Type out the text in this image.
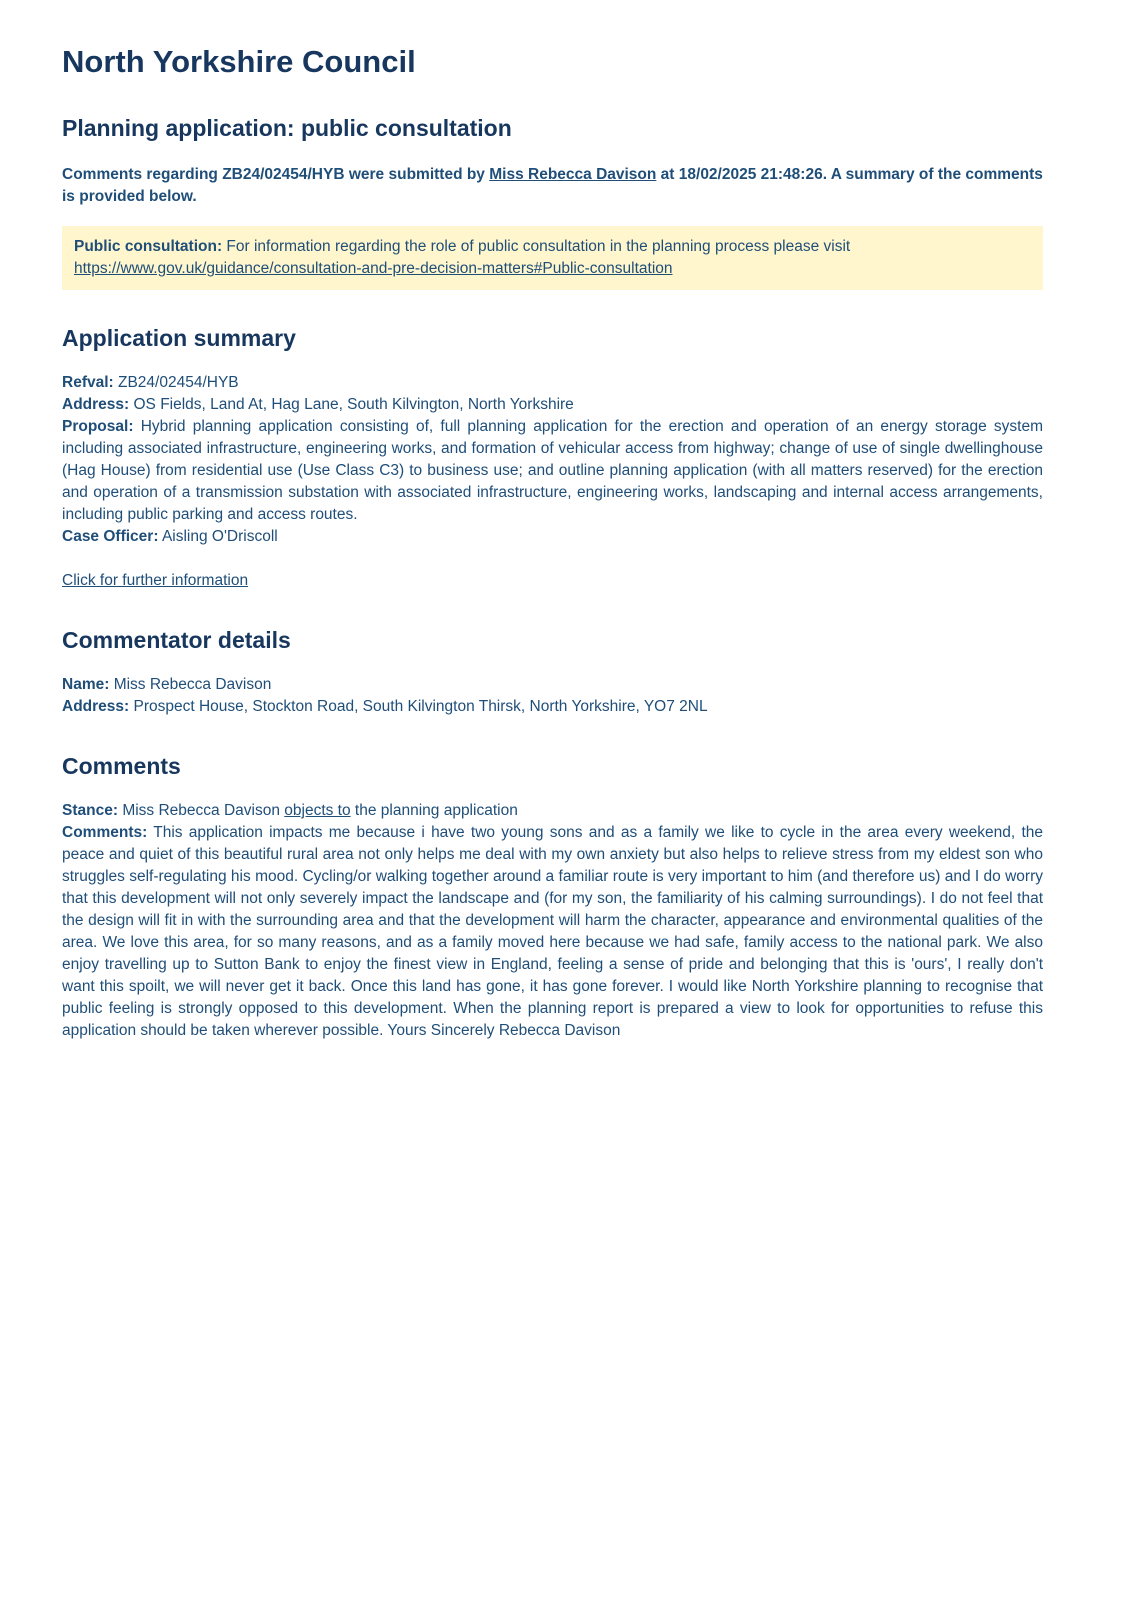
North Yorkshire Council
Planning application: public consultation

Comments regarding ZB24/02454/HYB were submitted by Miss Rebecca Davison at 18/02/2025 21:48:26. A summary of the comments is provided below.

Public consultation: For information regarding the role of public consultation in the planning process please visit https://www.gov.uk/guidance/consultation-and-pre-decision-matters#Public-consultation
Application summary
Refval: ZB24/02454/HYB
Address: OS Fields, Land At, Hag Lane, South Kilvington, North Yorkshire
Proposal: Hybrid planning application consisting of, full planning application for the erection and operation of an energy storage system including associated infrastructure, engineering works, and formation of vehicular access from highway; change of use of single dwellinghouse (Hag House) from residential use (Use Class C3) to business use; and outline planning application (with all matters reserved) for the erection and operation of a transmission substation with associated infrastructure, engineering works, landscaping and internal access arrangements, including public parking and access routes.
Case Officer: Aisling O'Driscoll

Click for further information

Commentator details
Name: Miss Rebecca Davison
Address: Prospect House, Stockton Road, South Kilvington Thirsk, North Yorkshire, YO7 2NL
Comments

Stance: Miss Rebecca Davison objects to the planning application

Comments: This application impacts me because i have two young sons and as a family we like to cycle in the area every weekend, the peace and quiet of this beautiful rural area not only helps me deal with my own anxiety but also helps to relieve stress from my eldest son who struggles self-regulating his mood. Cycling/or walking together around a familiar route is very important to him (and therefore us) and I do worry that this development will not only severely impact the landscape and (for my son, the familiarity of his calming surroundings). I do not feel that the design will fit in with the surrounding area and that the development will harm the character, appearance and environmental qualities of the area. We love this area, for so many reasons, and as a family moved here because we had safe, family access to the national park. We also enjoy travelling up to Sutton Bank to enjoy the finest view in England, feeling a sense of pride and belonging that this is 'ours', I really don't want this spoilt, we will never get it back. Once this land has gone, it has gone forever. I would like North Yorkshire planning to recognise that public feeling is strongly opposed to this development. When the planning report is prepared a view to look for opportunities to refuse this application should be taken wherever possible. Yours Sincerely Rebecca Davison
